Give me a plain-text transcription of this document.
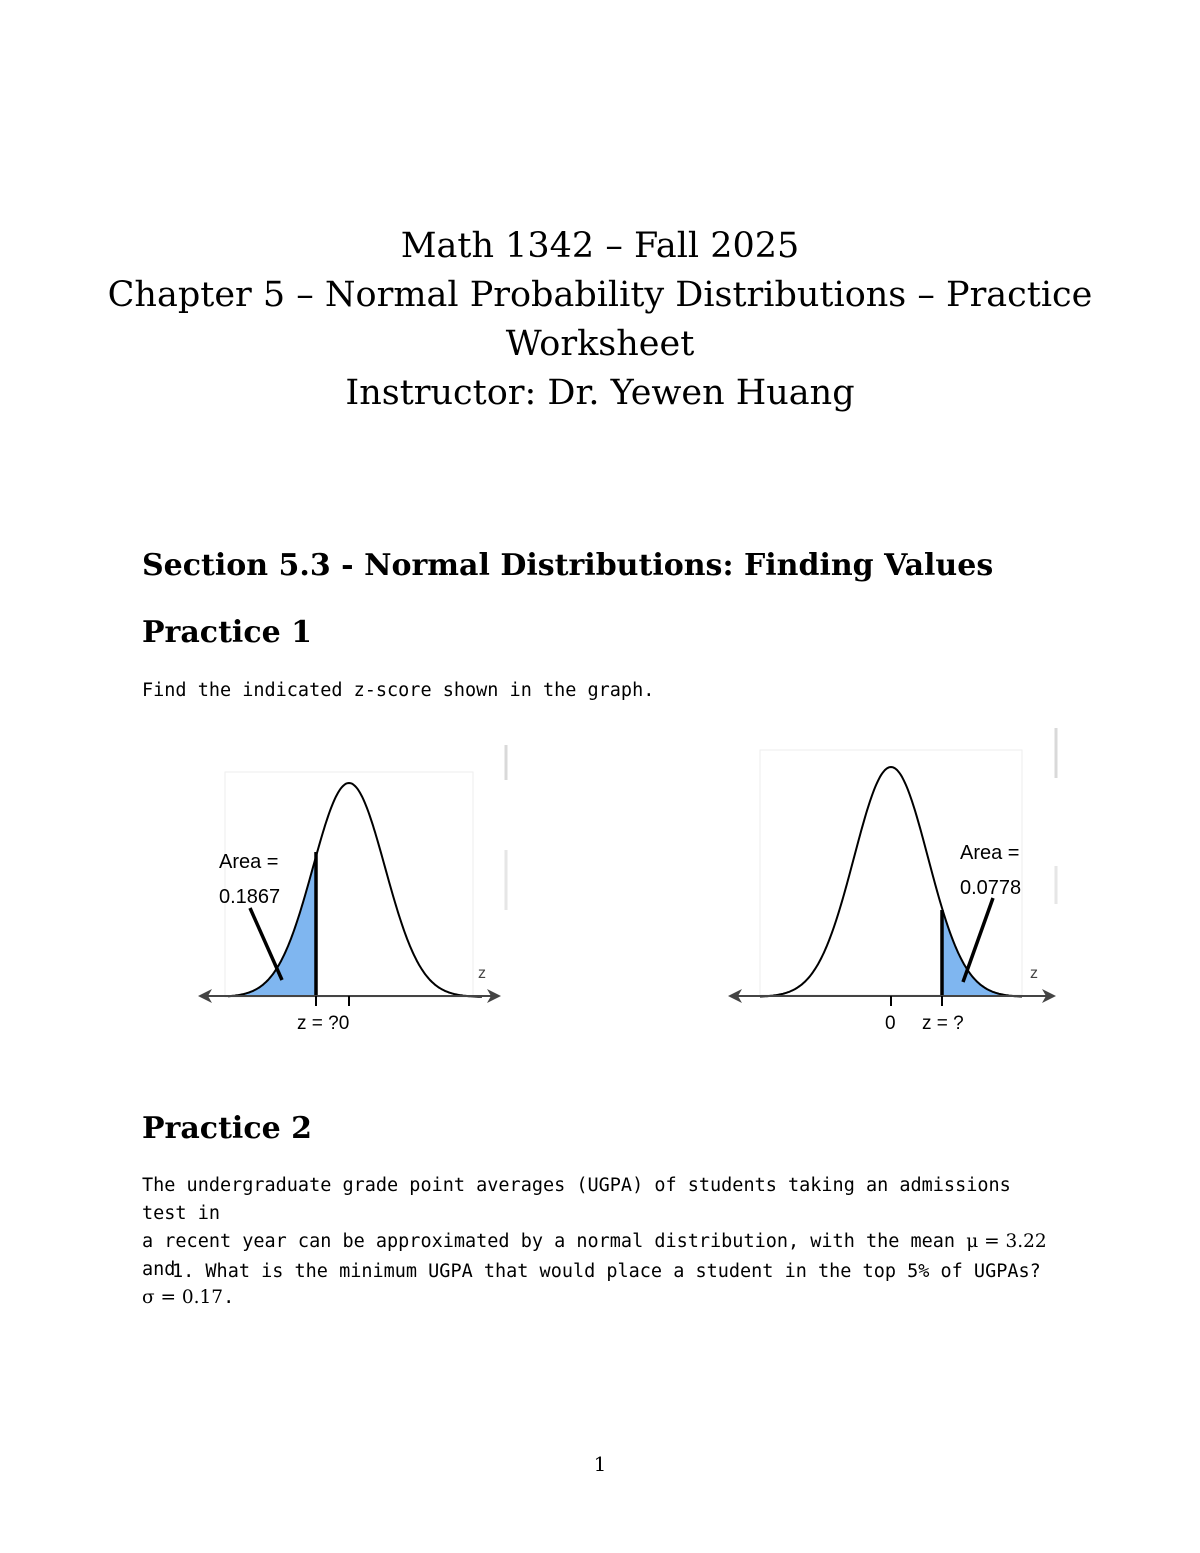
Math 1342 – Fall 2025
Chapter 5 – Normal Probability Distributions – Practice
Worksheet
Instructor: Dr. Yewen Huang
Section 5.3 - Normal Distributions: Finding Values
Practice 1

Find the indicated z-score shown in the graph.

Area =
0.1867
z
z = ?0
Area =
0.0778
z
0 z = ?
Practice 2

The undergraduate grade point averages (UGPA) of students taking an admissions test in
a recent year can be approximated by a normal distribution, with the mean μ = 3.22 and
σ = 0.17.

1. What is the minimum UGPA that would place a student in the top 5% of UGPAs?

1
